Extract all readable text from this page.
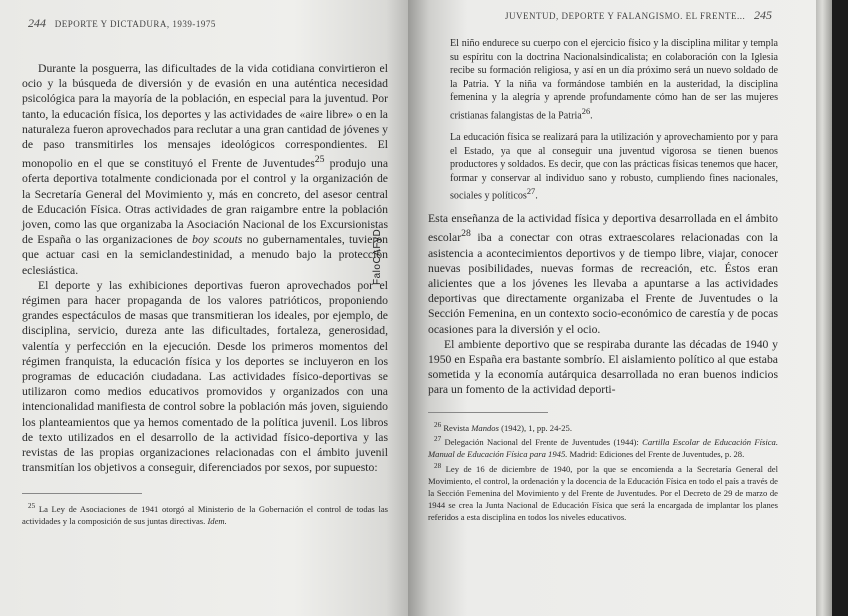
244 DEPORTE Y DICTADURA, 1939-1975

Durante la posguerra, las dificultades de la vida cotidiana convirtieron el ocio y la búsqueda de diversión y de evasión en una auténtica necesidad psicológica para la mayoría de la población, en especial para la juventud. Por tanto, la educación física, los deportes y las actividades de «aire libre» o en la naturaleza fueron aprovechados para reclutar a una gran cantidad de jóvenes y de paso transmitirles los mensajes ideológicos correspondientes. El monopolio en el que se constituyó el Frente de Juventudes$^{25}$ produjo una oferta deportiva totalmente condicionada por el control y la organización de la Secretaría General del Movimiento y, más en concreto, del asesor central de Educación Física. Otras actividades de gran raigambre entre la población joven, como las que organizaba la Asociación Nacional de los Excursionistas de España o las organizaciones de boy scouts no gubernamentales, tuvieron que actuar casi en la semiclandestinidad, a menudo bajo la protección eclesiástica.

El deporte y las exhibiciones deportivas fueron aprovechados por el régimen para hacer propaganda de los valores patrióticos, proponiendo grandes espectáculos de masas que transmitieran los ideales, por ejemplo, de disciplina, servicio, dureza ante las dificultades, fortaleza, generosidad, valentía y perfección en la ejecución. Desde los primeros momentos del régimen franquista, la educación física y los deportes se incluyeron en los programas de educación ciudadana. Las actividades físico-deportivas se utilizaron como medios educativos promovidos y organizados con una intencionalidad manifiesta de control sobre la población más joven, siguiendo los planteamientos que ya hemos comentado de la política juvenil. Los libros de texto utilizados en el desarrollo de la actividad físico-deportiva y las revistas de las propias organizaciones relacionadas con el ámbito juvenil transmitían los objetivos a conseguir, diferenciados por sexos, por supuesto:

$^{25}$ La Ley de Asociaciones de 1941 otorgó al Ministerio de la Gobernación el control de todas las actividades y la composición de sus juntas directivas. Idem.

JUVENTUD, DEPORTE Y FALANGISMO. EL FRENTE... 245
El niño endurece su cuerpo con el ejercicio físico y la disciplina militar y templa su espíritu con la doctrina Nacionalsindicalista; en colaboración con la Iglesia recibe su formación religiosa, y así en un día próximo será un nuevo soldado de la Patria. Y la niña va formándose también en la austeridad, la disciplina femenina y la alegría y aprende profundamente cómo han de ser las mujeres cristianas falangistas de la Patria$^{26}$.
La educación física se realizará para la utilización y aprovechamiento por y para el Estado, ya que al conseguir una juventud vigorosa se tienen buenos productores y soldados. Es decir, que con las prácticas físicas tenemos que hacer, formar y conservar al individuo sano y robusto, cumpliendo fines nacionales, sociales y políticos$^{27}$.

Esta enseñanza de la actividad física y deportiva desarrollada en el ámbito escolar$^{28}$ iba a conectar con otras extraescolares relacionadas con la asistencia a acontecimientos deportivos y de tiempo libre, viajar, conocer nuevas posibilidades, nuevas formas de recreación, etc. Éstos eran alicientes que a los jóvenes les llevaba a apuntarse a las actividades deportivas que directamente organizaba el Frente de Juventudes o la Sección Femenina, en un contexto socio-económico de carestía y de pocas ocasiones para la diversión y el ocio.

El ambiente deportivo que se respiraba durante las décadas de 1940 y 1950 en España era bastante sombrío. El aislamiento político al que estaba sometida y la economía autárquica desarrollada no eran buenos indicios para un fomento de la actividad deporti-

$^{26}$ Revista Mandos (1942), 1, pp. 24-25.

$^{27}$ Delegación Nacional del Frente de Juventudes (1944): Cartilla Escolar de Educación Física. Manual de Educación Física para 1945. Madrid: Ediciones del Frente de Juventudes, p. 28.

$^{28}$ Ley de 16 de diciembre de 1940, por la que se encomienda a la Secretaría General del Movimiento, el control, la ordenación y la docencia de la Educación Física en todo el país a través de la Sección Femenina del Movimiento y del Frente de Juventudes. Por el Decreto de 29 de marzo de 1944 se crea la Junta Nacional de Educación Física que será la encargada de implantar los planes referidos a esta disciplina en todos los niveles educativos.

FaloCAFyD
